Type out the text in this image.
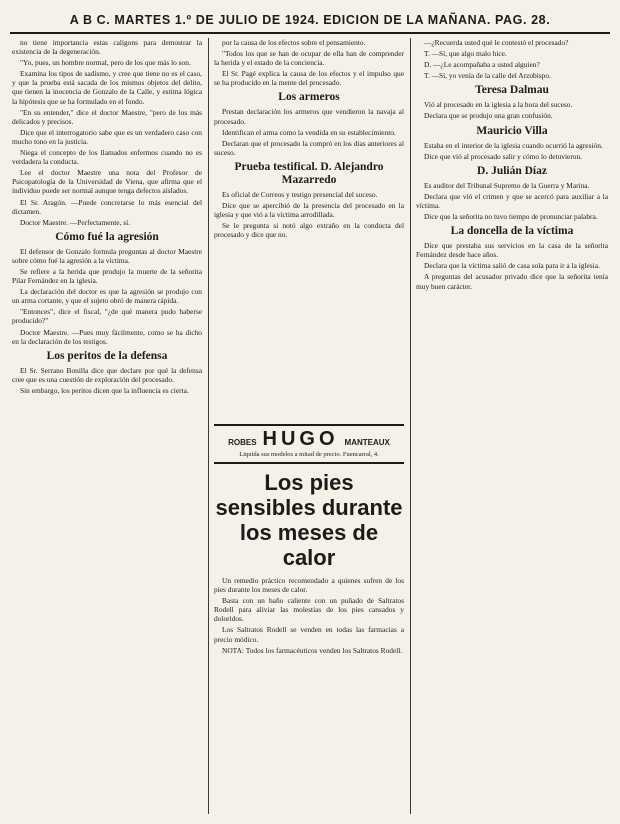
A B C. MARTES 1.º DE JULIO DE 1924. EDICION DE LA MAÑANA. PAG. 28.

no tiene importancia estas caligons para demostrar la existencia de la degeneración.

"Yo, pues, un hombre normal, pero de los que más lo son.

Examina los tipos de sadismo, y cree que tiene no es el caso, y que la prueba está sacada de los mismos objetos del delito, que tienen la inocencia de Gonzalo de la Calle, y estima lógica la hipótesis que se ha formulado en el fondo.

"En su entender," dice el doctor Maestre, "pero de los más delicados y precisos.

Dice que el interrogatorio sabe que es un verdadero caso con mucho tono en la justicia.

Niega el concepto de los llamados enfermos cuando no es verdadera la conducta.

Lee el doctor Maestre una nota del Profesor de Psicopatología de la Universidad de Viena, que afirma que el individuo puede ser normal aunque tenga defectos aislados.

El Sr. Aragón. —Puede concretarse lo más esencial del dictamen.

Doctor Maestre. —Perfectamente, sí.

Cómo fué la agresión

El defensor de Gonzalo formula preguntas al doctor Maestre sobre cómo fué la agresión a la víctima.

Se refiere a la herida que produjo la muerte de la señorita Pilar Fernández en la iglesia.

La declaración del doctor es que la agresión se produjo con un arma cortante, y que el sujeto obró de manera rápida.

"Entonces", dice el fiscal, "¿de qué manera pudo haberse producido?"

Doctor Maestre. —Pues muy fácilmente, como se ha dicho en la declaración de los testigos.

Los peritos de la defensa

El Sr. Serrano Bonilla dice que declare por qué la defensa cree que es una cuestión de exploración del procesado.

Sin embargo, los peritos dicen que la influencia es cierta.

por la causa de los efectos sobre el pensamiento.

"Todos los que se han de ocupar de ella han de comprender la herida y el estado de la conciencia.

El Sr. Pagé explica la causa de los efectos y el impulso que se ha producido en la mente del procesado.

Los armeros

Prestan declaración los armeros que vendieron la navaja al procesado.

Identifican el arma como la vendida en su establecimiento.

Declaran que el procesado la compró en los días anteriores al suceso.

Prueba testifical. D. Alejandro Mazarredo

Es oficial de Correos y testigo presencial del suceso.

Dice que se apercibió de la presencia del procesado en la iglesia y que vió a la víctima arrodillada.

Se le pregunta si notó algo extraño en la conducta del procesado y dice que no.

ROBES HUGO MANTEAUX
Liquida sus modelos a mitad de precio. Fuencarral, 4.
Los pies sensibles durante los meses de calor

Un remedio práctico recomendado a quienes sufren de los pies durante los meses de calor.

Basta con un baño caliente con un puñado de Saltratos Rodell para aliviar las molestias de los pies cansados y doloridos.

Los Saltratos Rodell se venden en todas las farmacias a precio módico.

NOTA: Todos los farmacéuticos venden los Saltratos Rodell.

—¿Recuerda usted qué le contestó el procesado?

T. —Sí, que algo malo hice.

D. —¿Le acompañaba a usted alguien?

T. —Sí, yo venía de la calle del Arzobispo.

Teresa Dalmau

Vió al procesado en la iglesia a la hora del suceso.

Declara que se produjo una gran confusión.

Mauricio Villa

Estaba en el interior de la iglesia cuando ocurrió la agresión.

Dice que vió al procesado salir y cómo lo detuvieron.

D. Julián Díaz

Es auditor del Tribunal Supremo de la Guerra y Marina.

Declara que vió el crimen y que se acercó para auxiliar a la víctima.

Dice que la señorita no tuvo tiempo de pronunciar palabra.

La doncella de la víctima

Dice que prestaba sus servicios en la casa de la señorita Fernández desde hace años.

Declara que la víctima salió de casa sola para ir a la iglesia.

A preguntas del acusador privado dice que la señorita tenía muy buen carácter.
